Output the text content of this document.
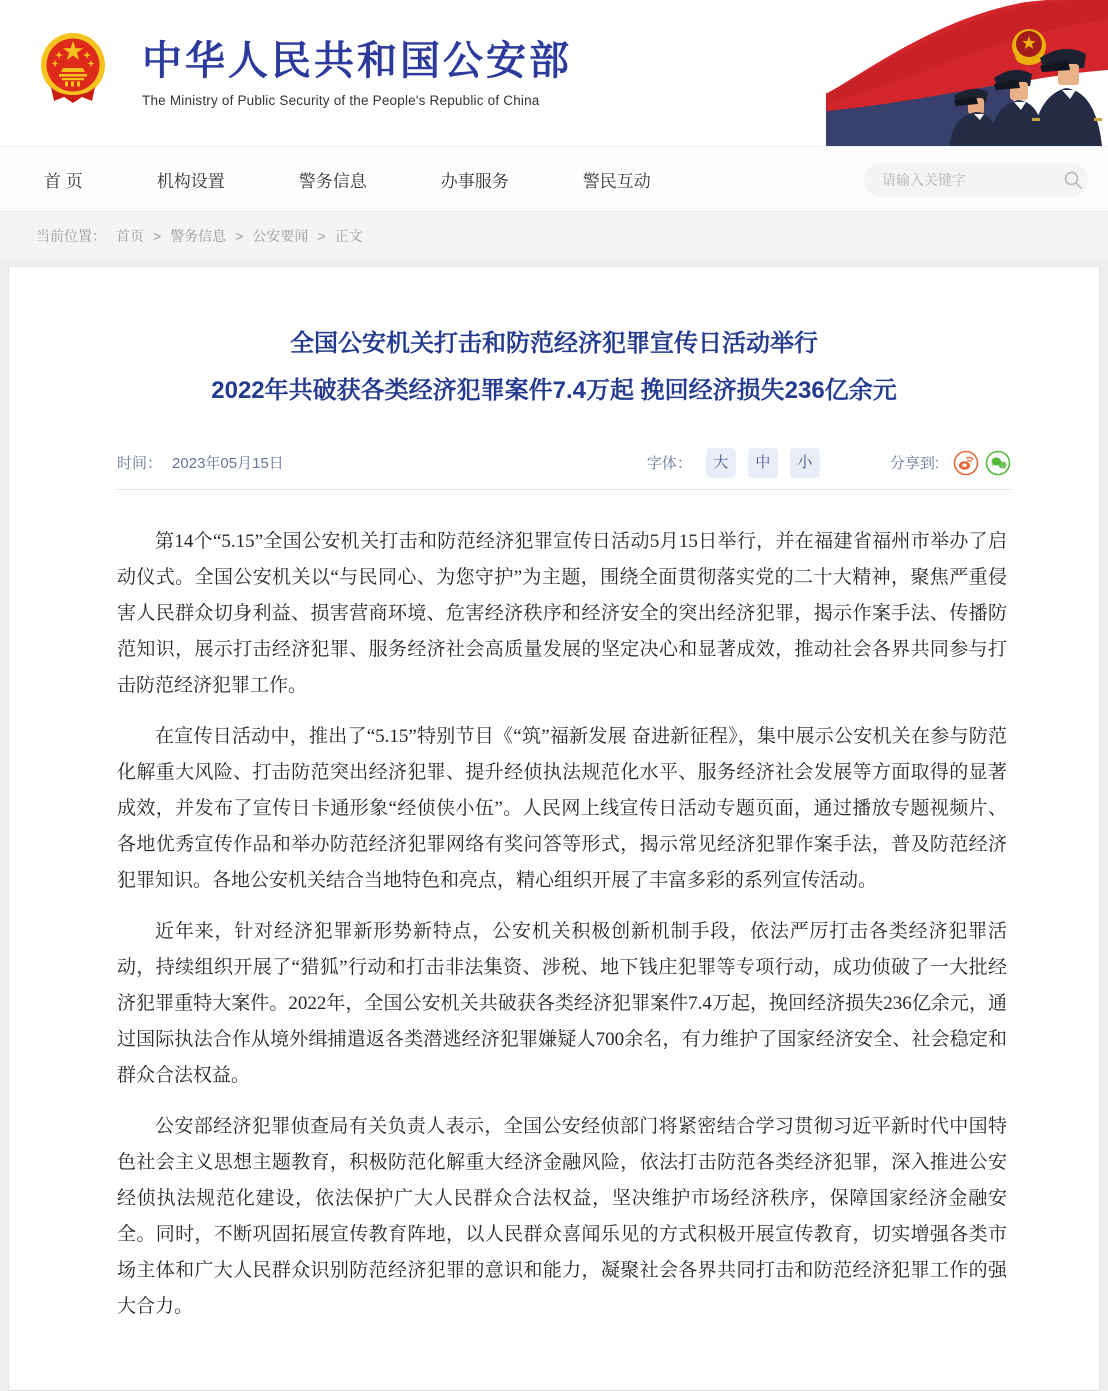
中华人民共和国公安部
The Ministry of Public Security of the People's Republic of China
首 页	机构设置	警务信息	办事服务	警民互动
请输入关键字
当前位置： 首页 > 警务信息 > 公安要闻 > 正文
全国公安机关打击和防范经济犯罪宣传日活动举行
2022年共破获各类经济犯罪案件7.4万起 挽回经济损失236亿余元
时间： 2023年05月15日	字体：	大	中	小	分享到:

第14个“5.15”全国公安机关打击和防范经济犯罪宣传日活动5月15日举行，并在福建省福州市举办了启动仪式。全国公安机关以“与民同心、为您守护”为主题，围绕全面贯彻落实党的二十大精神，聚焦严重侵害人民群众切身利益、损害营商环境、危害经济秩序和经济安全的突出经济犯罪，揭示作案手法、传播防范知识，展示打击经济犯罪、服务经济社会高质量发展的坚定决心和显著成效，推动社会各界共同参与打击防范经济犯罪工作。

在宣传日活动中，推出了“5.15”特别节目《“筑”福新发展 奋进新征程》，集中展示公安机关在参与防范化解重大风险、打击防范突出经济犯罪、提升经侦执法规范化水平、服务经济社会发展等方面取得的显著成效，并发布了宣传日卡通形象“经侦侠小伍”。人民网上线宣传日活动专题页面，通过播放专题视频片、各地优秀宣传作品和举办防范经济犯罪网络有奖问答等形式，揭示常见经济犯罪作案手法，普及防范经济犯罪知识。各地公安机关结合当地特色和亮点，精心组织开展了丰富多彩的系列宣传活动。

近年来，针对经济犯罪新形势新特点，公安机关积极创新机制手段，依法严厉打击各类经济犯罪活动，持续组织开展了“猎狐”行动和打击非法集资、涉税、地下钱庄犯罪等专项行动，成功侦破了一大批经济犯罪重特大案件。2022年，全国公安机关共破获各类经济犯罪案件7.4万起，挽回经济损失236亿余元，通过国际执法合作从境外缉捕遣返各类潜逃经济犯罪嫌疑人700余名，有力维护了国家经济安全、社会稳定和群众合法权益。

公安部经济犯罪侦查局有关负责人表示，全国公安经侦部门将紧密结合学习贯彻习近平新时代中国特色社会主义思想主题教育，积极防范化解重大经济金融风险，依法打击防范各类经济犯罪，深入推进公安经侦执法规范化建设，依法保护广大人民群众合法权益，坚决维护市场经济秩序，保障国家经济金融安全。同时，不断巩固拓展宣传教育阵地，以人民群众喜闻乐见的方式积极开展宣传教育，切实增强各类市场主体和广大人民群众识别防范经济犯罪的意识和能力，凝聚社会各界共同打击和防范经济犯罪工作的强大合力。
